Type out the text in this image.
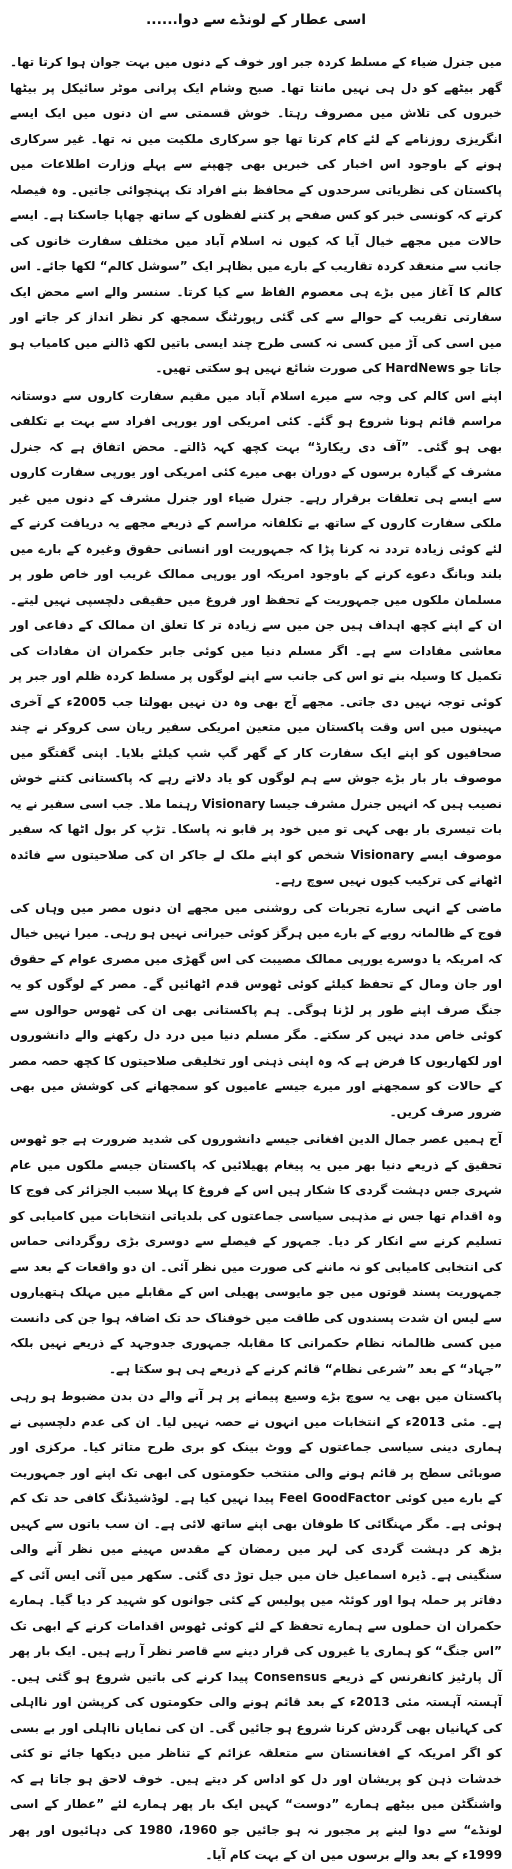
اسی عطار کے لونڈے سے دوا......

میں جنرل ضیاء کے مسلط کردہ جبر اور خوف کے دنوں میں بہت جوان ہوا کرتا تھا۔ گھر بیٹھے کو دل ہی نہیں مانتا تھا۔ صبح وشام ایک پرانی موٹر سائیکل پر بیٹھا خبروں کی تلاش میں مصروف رہتا۔ خوش قسمتی سے ان دنوں میں ایک ایسے انگریزی روزنامے کے لئے کام کرتا تھا جو سرکاری ملکیت میں نہ تھا۔ غیر سرکاری ہونے کے باوجود اس اخبار کی خبریں بھی چھپنے سے پہلے وزارت اطلاعات میں پاکستان کی نظریاتی سرحدوں کے محافظ بنے افراد تک پہنچوائی جاتیں۔ وہ فیصلہ کرتے کہ کونسی خبر کو کس صفحے پر کتنے لفظوں کے ساتھ چھاپا جاسکتا ہے۔ ایسے حالات میں مجھے خیال آیا کہ کیوں نہ اسلام آباد میں مختلف سفارت خانوں کی جانب سے منعقد کردہ تقاریب کے بارے میں بظاہر ایک ”سوشل کالم“ لکھا جائے۔ اس کالم کا آغاز میں بڑے ہی معصوم الفاظ سے کیا کرتا۔ سنسر والے اسے محض ایک سفارتی تقریب کے حوالے سے کی گئی رپورٹنگ سمجھ کر نظر انداز کر جاتے اور میں اسی کی آڑ میں کسی نہ کسی طرح چند ایسی باتیں لکھ ڈالنے میں کامیاب ہو جاتا جو HardNews کی صورت شائع نہیں ہو سکتی تھیں۔

اپنے اس کالم کی وجہ سے میرے اسلام آباد میں مقیم سفارت کاروں سے دوستانہ مراسم قائم ہونا شروع ہو گئے۔ کئی امریکی اور یورپی افراد سے بہت بے تکلفی بھی ہو گئی۔ ”آف دی ریکارڈ“ بہت کچھ کہہ ڈالتے۔ محض اتفاق ہے کہ جنرل مشرف کے گیارہ برسوں کے دوران بھی میرے کئی امریکی اور یورپی سفارت کاروں سے ایسے ہی تعلقات برقرار رہے۔ جنرل ضیاء اور جنرل مشرف کے دنوں میں غیر ملکی سفارت کاروں کے ساتھ بے تکلفانہ مراسم کے ذریعے مجھے یہ دریافت کرنے کے لئے کوئی زیادہ تردد نہ کرنا پڑا کہ جمہوریت اور انسانی حقوق وغیرہ کے بارے میں بلند وبانگ دعوے کرنے کے باوجود امریکہ اور یورپی ممالک غریب اور خاص طور پر مسلمان ملکوں میں جمہوریت کے تحفظ اور فروغ میں حقیقی دلچسپی نہیں لیتے۔ ان کے اپنے کچھ اہداف ہیں جن میں سے زیادہ تر کا تعلق ان ممالک کے دفاعی اور معاشی مفادات سے ہے۔ اگر مسلم دنیا میں کوئی جابر حکمران ان مفادات کی تکمیل کا وسیلہ بنے تو اس کی جانب سے اپنے لوگوں پر مسلط کردہ ظلم اور جبر پر کوئی توجہ نہیں دی جاتی۔ مجھے آج بھی وہ دن نہیں بھولتا جب 2005ء کے آخری مہینوں میں اس وقت پاکستان میں متعین امریکی سفیر ریان سی کروکر نے چند صحافیوں کو اپنے ایک سفارت کار کے گھر گپ شپ کیلئے بلایا۔ اپنی گفتگو میں موصوف بار بار بڑے جوش سے ہم لوگوں کو یاد دلاتے رہے کہ پاکستانی کتنے خوش نصیب ہیں کہ انہیں جنرل مشرف جیسا Visionary رہنما ملا۔ جب اسی سفیر نے یہ بات تیسری بار بھی کہی تو میں خود پر قابو نہ پاسکا۔ تڑپ کر بول اٹھا کہ سفیر موصوف ایسے Visionary شخص کو اپنے ملک لے جاکر ان کی صلاحیتوں سے فائدہ اٹھانے کی ترکیب کیوں نہیں سوچ رہے۔

ماضی کے انہی سارے تجربات کی روشنی میں مجھے ان دنوں مصر میں وہاں کی فوج کے ظالمانہ رویے کے بارے میں ہرگز کوئی حیرانی نہیں ہو رہی۔ میرا نہیں خیال کہ امریکہ یا دوسرے یورپی ممالک مصیبت کی اس گھڑی میں مصری عوام کے حقوق اور جان ومال کے تحفظ کیلئے کوئی ٹھوس قدم اٹھائیں گے۔ مصر کے لوگوں کو یہ جنگ صرف اپنے طور پر لڑنا ہوگی۔ ہم پاکستانی بھی ان کی ٹھوس حوالوں سے کوئی خاص مدد نہیں کر سکتے۔ مگر مسلم دنیا میں درد دل رکھنے والے دانشوروں اور لکھاریوں کا فرض ہے کہ وہ اپنی ذہنی اور تخلیقی صلاحیتوں کا کچھ حصہ مصر کے حالات کو سمجھنے اور میرے جیسے عامیوں کو سمجھانے کی کوشش میں بھی ضرور صرف کریں۔

آج ہمیں عصر جمال الدین افغانی جیسے دانشوروں کی شدید ضرورت ہے جو ٹھوس تحقیق کے ذریعے دنیا بھر میں یہ پیغام پھیلائیں کہ پاکستان جیسے ملکوں میں عام شہری جس دہشت گردی کا شکار ہیں اس کے فروغ کا پہلا سبب الجزائر کی فوج کا وہ اقدام تھا جس نے مذہبی سیاسی جماعتوں کی بلدیاتی انتخابات میں کامیابی کو تسلیم کرنے سے انکار کر دیا۔ جمہور کے فیصلے سے دوسری بڑی روگردانی حماس کی انتخابی کامیابی کو نہ ماننے کی صورت میں نظر آئی۔ ان دو واقعات کے بعد سے جمہوریت پسند قوتوں میں جو مایوسی پھیلی اس کے مقابلے میں مہلک ہتھیاروں سے لیس ان شدت پسندوں کی طاقت میں خوفناک حد تک اضافہ ہوا جن کی دانست میں کسی ظالمانہ نظام حکمرانی کا مقابلہ جمہوری جدوجہد کے ذریعے نہیں بلکہ ”جہاد“ کے بعد ”شرعی نظام“ قائم کرنے کے ذریعے ہی ہو سکتا ہے۔

پاکستان میں بھی یہ سوچ بڑے وسیع پیمانے پر ہر آنے والے دن بدن مضبوط ہو رہی ہے۔ مئی 2013ء کے انتخابات میں انہوں نے حصہ نہیں لیا۔ ان کی عدم دلچسپی نے ہماری دینی سیاسی جماعتوں کے ووٹ بینک کو بری طرح متاثر کیا۔ مرکزی اور صوبائی سطح پر قائم ہونے والی منتخب حکومتوں کی ابھی تک اپنے اور جمہوریت کے بارے میں کوئی Feel GoodFactor پیدا نہیں کیا ہے۔ لوڈشیڈنگ کافی حد تک کم ہوئی ہے۔ مگر مہنگائی کا طوفان بھی اپنے ساتھ لائی ہے۔ ان سب باتوں سے کہیں بڑھ کر دہشت گردی کی لہر میں رمضان کے مقدس مہینے میں نظر آنے والی سنگینی ہے۔ ڈیرہ اسماعیل خان میں جیل توڑ دی گئی۔ سکھر میں آئی ایس آئی کے دفاتر پر حملہ ہوا اور کوئٹہ میں پولیس کے کئی جوانوں کو شہید کر دیا گیا۔ ہمارے حکمران ان حملوں سے ہمارے تحفظ کے لئے کوئی ٹھوس اقدامات کرنے کے ابھی تک ”اس جنگ“ کو ہماری یا غیروں کی قرار دینے سے قاصر نظر آ رہے ہیں۔ ایک بار پھر آل پارٹیز کانفرنس کے ذریعے Consensus پیدا کرنے کی باتیں شروع ہو گئی ہیں۔ آہستہ آہستہ مئی 2013ء کے بعد قائم ہونے والی حکومتوں کی کرپشن اور نااہلی کی کہانیاں بھی گردش کرنا شروع ہو جائیں گی۔ ان کی نمایاں نااہلی اور بے بسی کو اگر امریکہ کے افغانستان سے متعلقہ عزائم کے تناظر میں دیکھا جائے تو کئی خدشات ذہن کو پریشان اور دل کو اداس کر دیتے ہیں۔ خوف لاحق ہو جاتا ہے کہ واشنگٹن میں بیٹھے ہمارے ”دوست“ کہیں ایک بار پھر ہمارے لئے ”عطار کے اسی لونڈے“ سے دوا لینے پر مجبور نہ ہو جائیں جو 1960، 1980 کی دہائیوں اور پھر 1999ء کے بعد والے برسوں میں ان کے بہت کام آیا۔
